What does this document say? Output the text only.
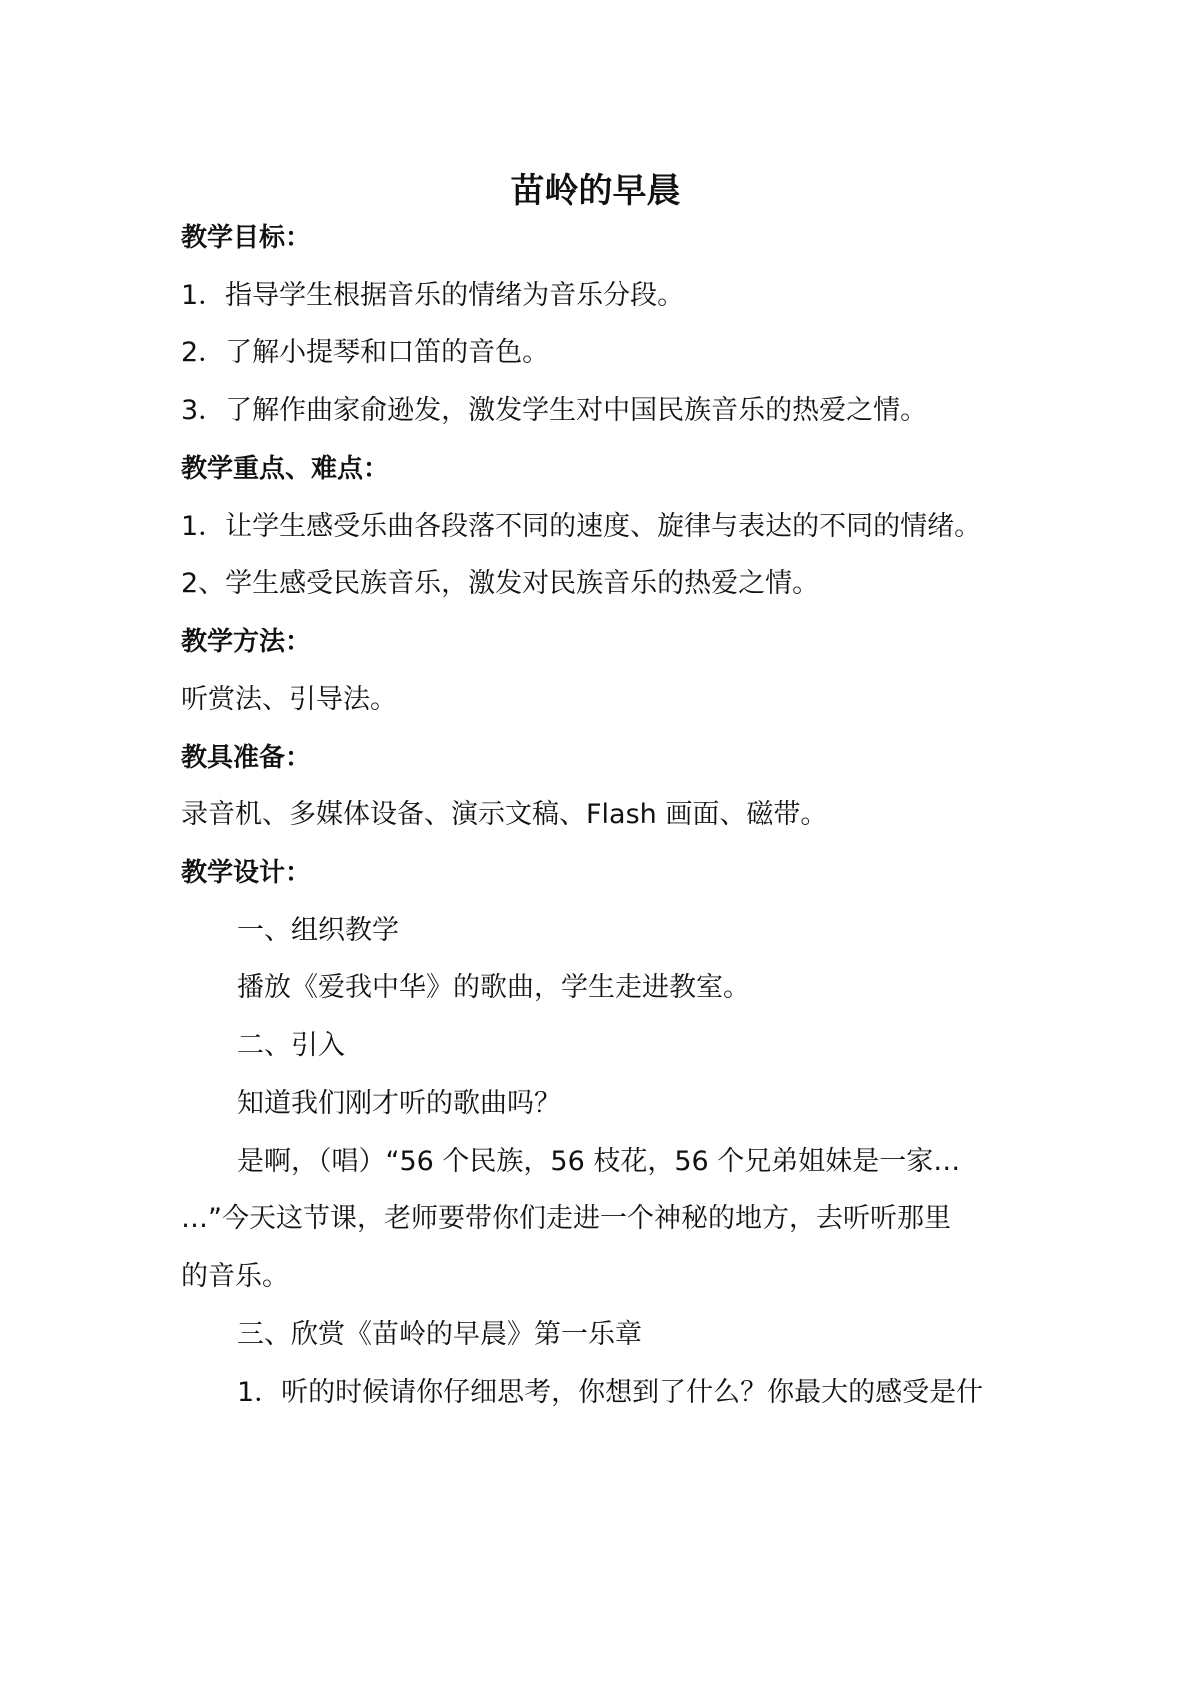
苗岭的早晨
教学目标：
1．指导学生根据音乐的情绪为音乐分段。
2．了解小提琴和口笛的音色。
3．了解作曲家俞逊发，激发学生对中国民族音乐的热爱之情。
教学重点、难点：
1．让学生感受乐曲各段落不同的速度、旋律与表达的不同的情绪。
2、学生感受民族音乐，激发对民族音乐的热爱之情。
教学方法：
听赏法、引导法。
教具准备：
录音机、多媒体设备、演示文稿、Flash 画面、磁带。
教学设计：
一、组织教学
播放《爱我中华》的歌曲，学生走进教室。
二、引入
知道我们刚才听的歌曲吗？
是啊，（唱）“56 个民族，56 枝花，56 个兄弟姐妹是一家…
…”今天这节课，老师要带你们走进一个神秘的地方，去听听那里
的音乐。
三、欣赏《苗岭的早晨》第一乐章
1．听的时候请你仔细思考，你想到了什么？你最大的感受是什
